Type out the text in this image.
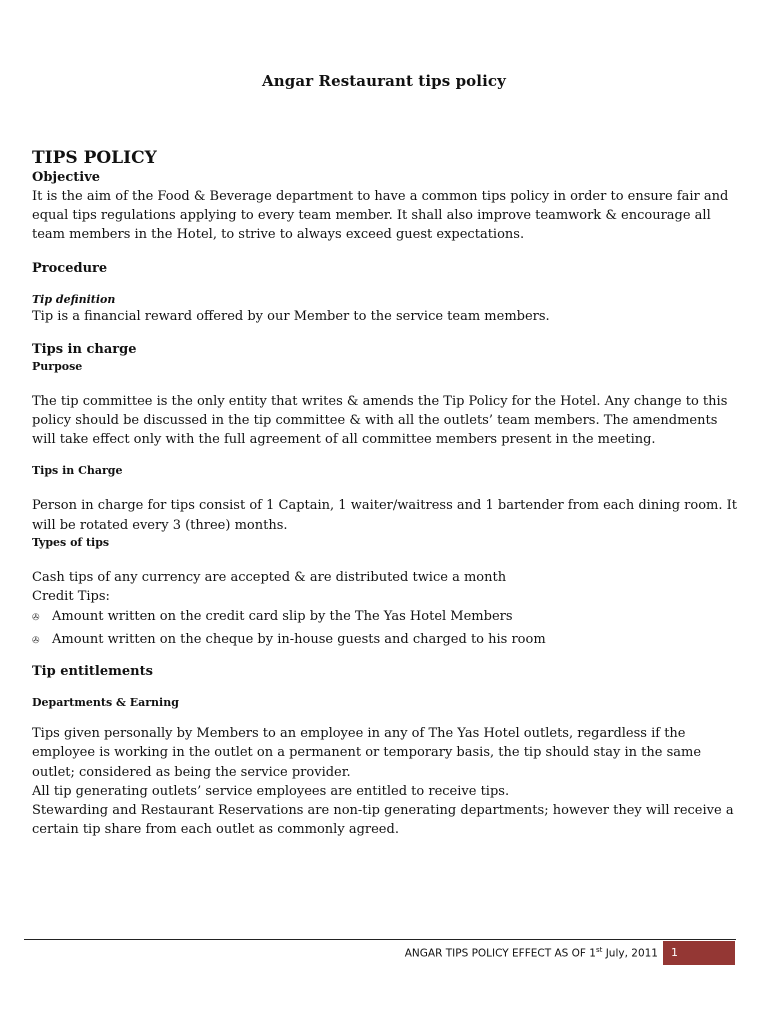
Angar Restaurant tips policy

TIPS POLICY

Objective

It is the aim of the Food & Beverage department to have a common tips policy in order to ensure fair and equal tips regulations applying to every team member. It shall also improve teamwork & encourage all team members in the Hotel, to strive to always exceed guest expectations.

Procedure

Tip definition

Tip is a financial reward offered by our Member to the service team members.

Tips in charge

Purpose

The tip committee is the only entity that writes & amends the Tip Policy for the Hotel. Any change to this policy should be discussed in the tip committee & with all the outlets’ team members. The amendments will take effect only with the full agreement of all committee members present in the meeting.

Tips in Charge

Person in charge for tips consist of 1 Captain, 1 waiter/waitress and 1 bartender from each dining room. It will be rotated every 3 (three) months.

Types of tips

Cash tips of any currency are accepted & are distributed twice a month

Credit Tips:

✇ Amount written on the credit card slip by the The Yas Hotel Members
✇ Amount written on the cheque by in-house guests and charged to his room

Tip entitlements

Departments & Earning

Tips given personally by Members to an employee in any of The Yas Hotel outlets, regardless if the employee is working in the outlet on a permanent or temporary basis, the tip should stay in the same outlet; considered as being the service provider.

All tip generating outlets’ service employees are entitled to receive tips.

Stewarding and Restaurant Reservations are non-tip generating departments; however they will receive a certain tip share from each outlet as commonly agreed.

ANGAR TIPS POLICY EFFECT AS OF 1st July, 2011	1
